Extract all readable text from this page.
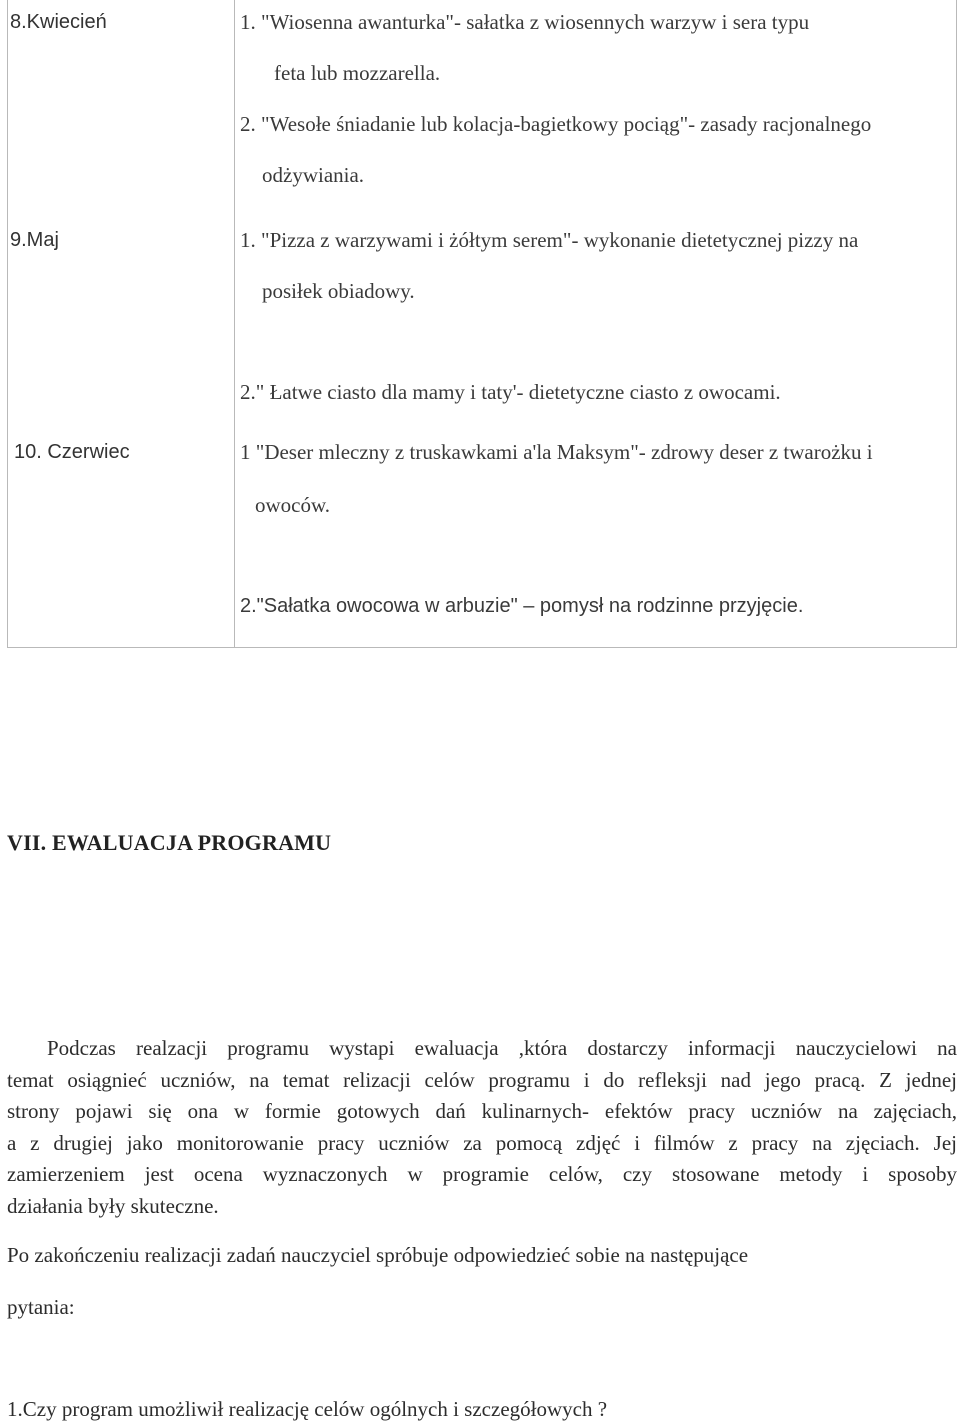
8.Kwiecień	1. "Wiosenna awanturka"- sałatka z wiosennych warzyw i sera typu
feta lub mozzarella.
2. "Wesołe śniadanie lub kolacja-bagietkowy pociąg"- zasady racjonalnego
odżywiania.
9.Maj	1. "Pizza z warzywami i żółtym serem"- wykonanie dietetycznej pizzy na
posiłek obiadowy.
2." Łatwe ciasto dla mamy i taty'- dietetyczne ciasto z owocami.
10. Czerwiec	1 "Deser mleczny z truskawkami a'la Maksym"- zdrowy deser z twarożku i
owoców.
2."Sałatka owocowa w arbuzie" – pomysł na rodzinne przyjęcie.
VII. EWALUACJA PROGRAMU
Podczas realzacji programu wystapi ewaluacja ,która dostarczy informacji nauczycielowi na
temat osiągnieć uczniów, na temat relizacji celów programu i do refleksji nad jego pracą. Z jednej
strony pojawi się ona w formie gotowych dań kulinarnych- efektów pracy uczniów na zajęciach,
a z drugiej jako monitorowanie pracy uczniów za pomocą zdjęć i filmów z pracy na zjęciach. Jej
zamierzeniem jest ocena wyznaczonych w programie celów, czy stosowane metody i sposoby
działania były skuteczne.
Po zakończeniu realizacji zadań nauczyciel spróbuje odpowiedzieć sobie na następujące
pytania:
1.Czy program umożliwił realizację celów ogólnych i szczegółowych ?
